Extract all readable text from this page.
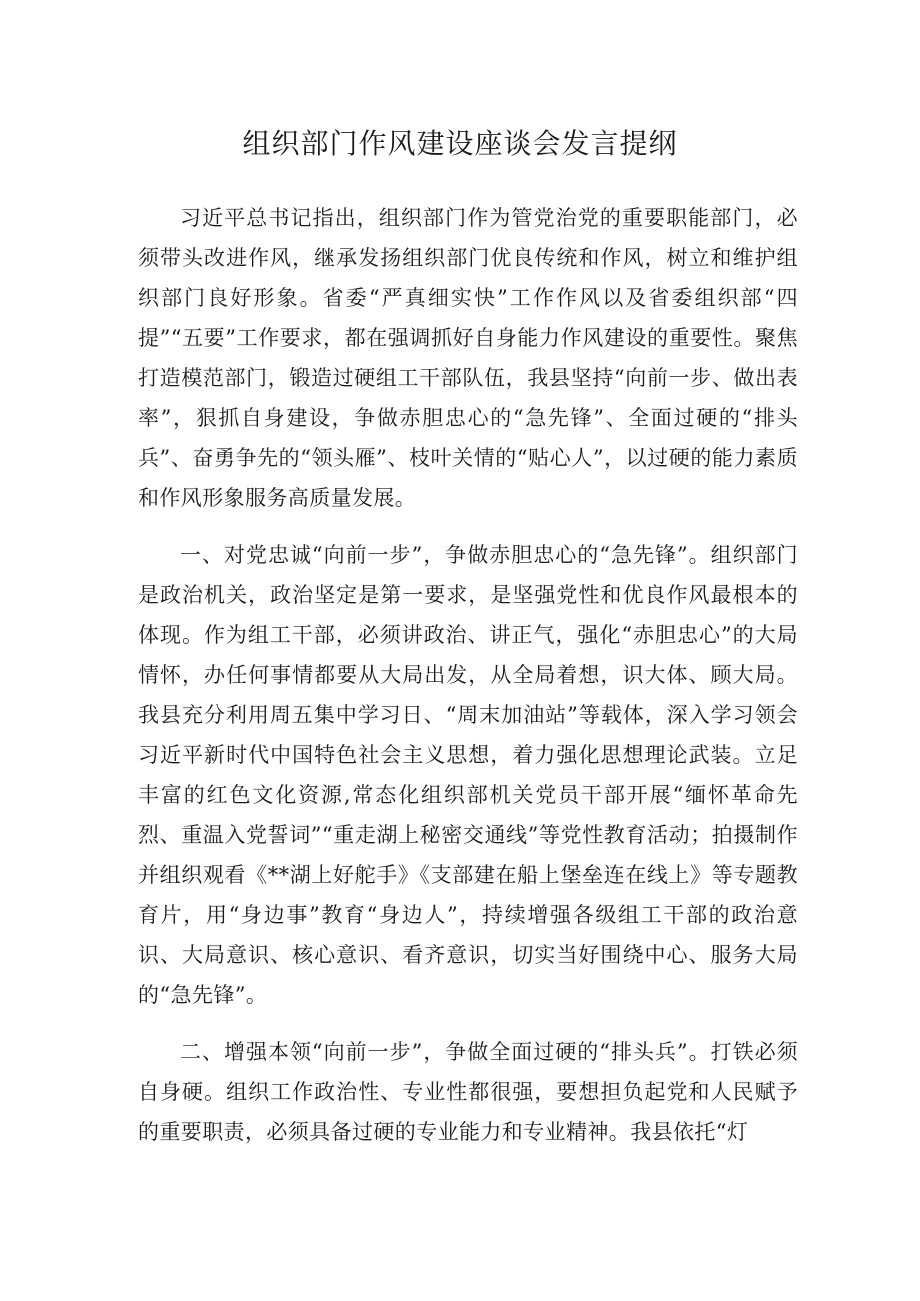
组织部门作风建设座谈会发言提纲

习近平总书记指出，组织部门作为管党治党的重要职能部门，必须带头改进作风，继承发扬组织部门优良传统和作风，树立和维护组织部门良好形象。省委“严真细实快”工作作风以及省委组织部“四提”“五要”工作要求，都在强调抓好自身能力作风建设的重要性。聚焦打造模范部门，锻造过硬组工干部队伍，我县坚持“向前一步、做出表率”，狠抓自身建设，争做赤胆忠心的“急先锋”、全面过硬的“排头兵”、奋勇争先的“领头雁”、枝叶关情的“贴心人”，以过硬的能力素质和作风形象服务高质量发展。

一、对党忠诚“向前一步”，争做赤胆忠心的“急先锋”。组织部门是政治机关，政治坚定是第一要求，是坚强党性和优良作风最根本的体现。作为组工干部，必须讲政治、讲正气，强化“赤胆忠心”的大局情怀，办任何事情都要从大局出发，从全局着想，识大体、顾大局。我县充分利用周五集中学习日、“周末加油站”等载体，深入学习领会习近平新时代中国特色社会主义思想，着力强化思想理论武装。立足丰富的红色文化资源,常态化组织部机关党员干部开展“缅怀革命先烈、重温入党誓词”“重走湖上秘密交通线”等党性教育活动；拍摄制作并组织观看《**湖上好舵手》《支部建在船上堡垒连在线上》等专题教育片，用“身边事”教育“身边人”，持续增强各级组工干部的政治意识、大局意识、核心意识、看齐意识，切实当好围绕中心、服务大局的“急先锋”。

二、增强本领“向前一步”，争做全面过硬的“排头兵”。打铁必须自身硬。组织工作政治性、专业性都很强，要想担负起党和人民赋予的重要职责，必须具备过硬的专业能力和专业精神。我县依托“灯
